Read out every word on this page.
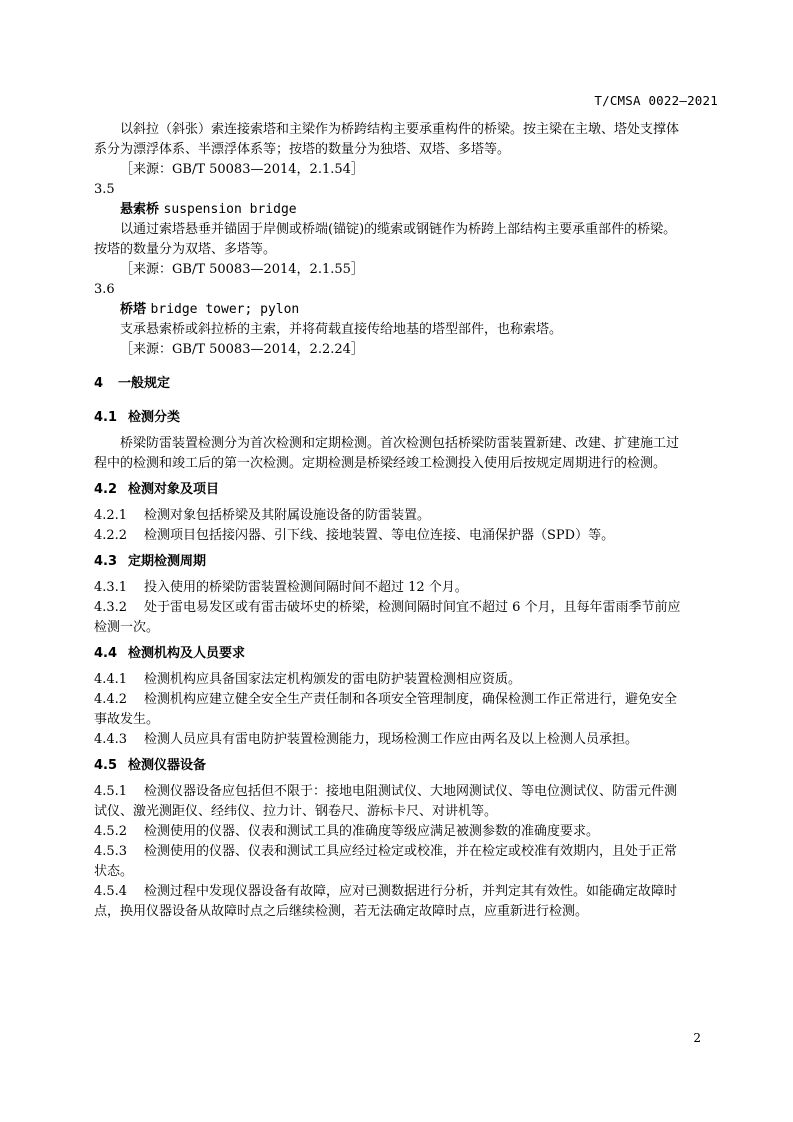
T/CMSA 0022—2021
以斜拉（斜张）索连接索塔和主梁作为桥跨结构主要承重构件的桥梁。按主梁在主墩、塔处支撑体
系分为漂浮体系、半漂浮体系等；按塔的数量分为独塔、双塔、多塔等。
［来源：GB/T 50083—2014，2.1.54］
3.5
悬索桥 suspension bridge
以通过索塔悬垂并锚固于岸侧或桥端(锚锭)的缆索或钢链作为桥跨上部结构主要承重部件的桥梁。
按塔的数量分为双塔、多塔等。
［来源：GB/T 50083—2014，2.1.55］
3.6
桥塔 bridge tower; pylon
支承悬索桥或斜拉桥的主索，并将荷载直接传给地基的塔型部件，也称索塔。
［来源：GB/T 50083—2014，2.2.24］
4 一般规定
4.1 检测分类
桥梁防雷装置检测分为首次检测和定期检测。首次检测包括桥梁防雷装置新建、改建、扩建施工过
程中的检测和竣工后的第一次检测。定期检测是桥梁经竣工检测投入使用后按规定周期进行的检测。
4.2 检测对象及项目
4.2.1 检测对象包括桥梁及其附属设施设备的防雷装置。
4.2.2 检测项目包括接闪器、引下线、接地装置、等电位连接、电涌保护器（SPD）等。
4.3 定期检测周期
4.3.1 投入使用的桥梁防雷装置检测间隔时间不超过 12 个月。
4.3.2 处于雷电易发区或有雷击破坏史的桥梁，检测间隔时间宜不超过 6 个月，且每年雷雨季节前应
检测一次。
4.4 检测机构及人员要求
4.4.1 检测机构应具备国家法定机构颁发的雷电防护装置检测相应资质。
4.4.2 检测机构应建立健全安全生产责任制和各项安全管理制度，确保检测工作正常进行，避免安全
事故发生。
4.4.3 检测人员应具有雷电防护装置检测能力，现场检测工作应由两名及以上检测人员承担。
4.5 检测仪器设备
4.5.1 检测仪器设备应包括但不限于：接地电阻测试仪、大地网测试仪、等电位测试仪、防雷元件测
试仪、激光测距仪、经纬仪、拉力计、钢卷尺、游标卡尺、对讲机等。
4.5.2 检测使用的仪器、仪表和测试工具的准确度等级应满足被测参数的准确度要求。
4.5.3 检测使用的仪器、仪表和测试工具应经过检定或校准，并在检定或校准有效期内，且处于正常
状态。
4.5.4 检测过程中发现仪器设备有故障，应对已测数据进行分析，并判定其有效性。如能确定故障时
点，换用仪器设备从故障时点之后继续检测，若无法确定故障时点，应重新进行检测。
2
